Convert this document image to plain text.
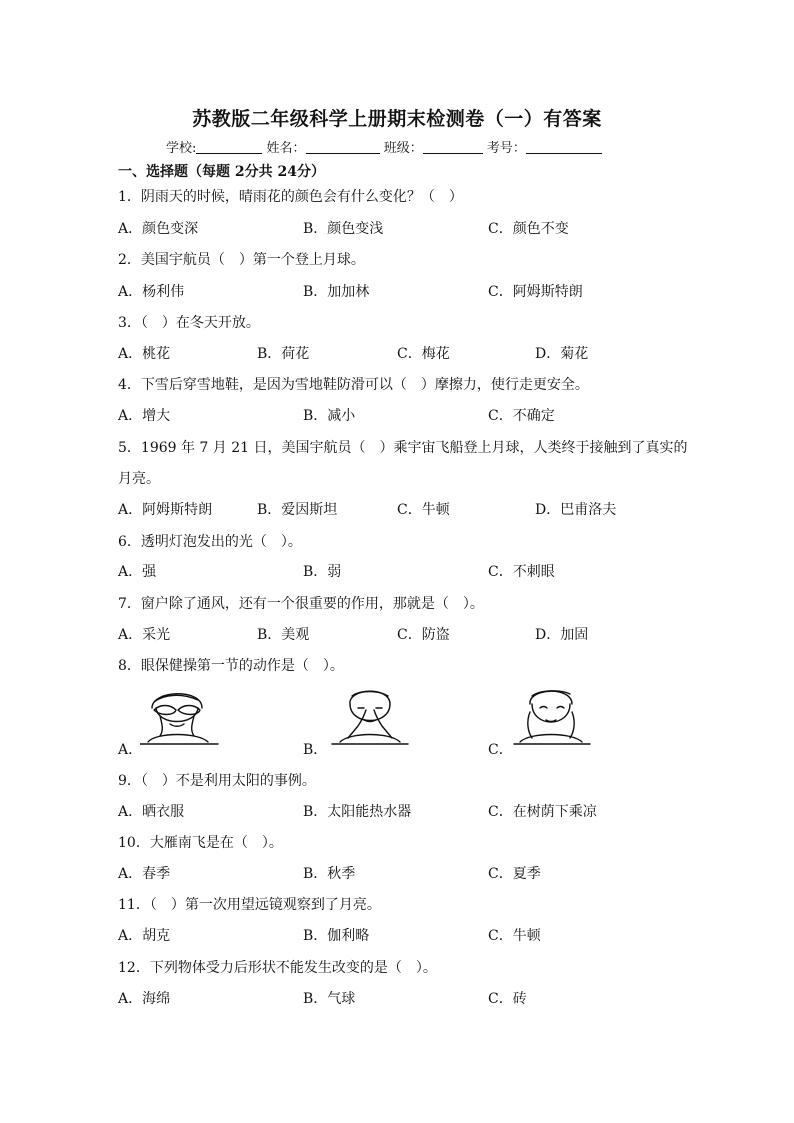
苏教版二年级科学上册期末检测卷（一）有答案
学校:	姓名：	班级：	考号：
一、选择题（每题 2分共 24分）
1．阴雨天的时候，晴雨花的颜色会有什么变化？（　）
A．颜色变深	B．颜色变浅	C．颜色不变
2．美国宇航员（　）第一个登上月球。
A．杨利伟	B．加加林	C．阿姆斯特朗
3．（　）在冬天开放。
A．桃花	B．荷花	C．梅花	D．菊花
4．下雪后穿雪地鞋，是因为雪地鞋防滑可以（　）摩擦力，使行走更安全。
A．增大	B．减小	C．不确定
5．1969 年 7 月 21 日，美国宇航员（　）乘宇宙飞船登上月球，人类终于接触到了真实的
月亮。
A．阿姆斯特朗	B．爱因斯坦	C．牛顿	D．巴甫洛夫
6．透明灯泡发出的光（　）。
A．强	B．弱	C．不刺眼
7．窗户除了通风，还有一个很重要的作用，那就是（　）。
A．采光	B．美观	C．防盗	D．加固
8．眼保健操第一节的动作是（　）。
A．	B．	C．
9．（　）不是利用太阳的事例。
A．晒衣服	B．太阳能热水器	C．在树荫下乘凉
10．大雁南飞是在（　）。
A．春季	B．秋季	C．夏季
11．（　）第一次用望远镜观察到了月亮。
A．胡克	B．伽利略	C．牛顿
12．下列物体受力后形状不能发生改变的是（　）。
A．海绵	B．气球	C．砖
